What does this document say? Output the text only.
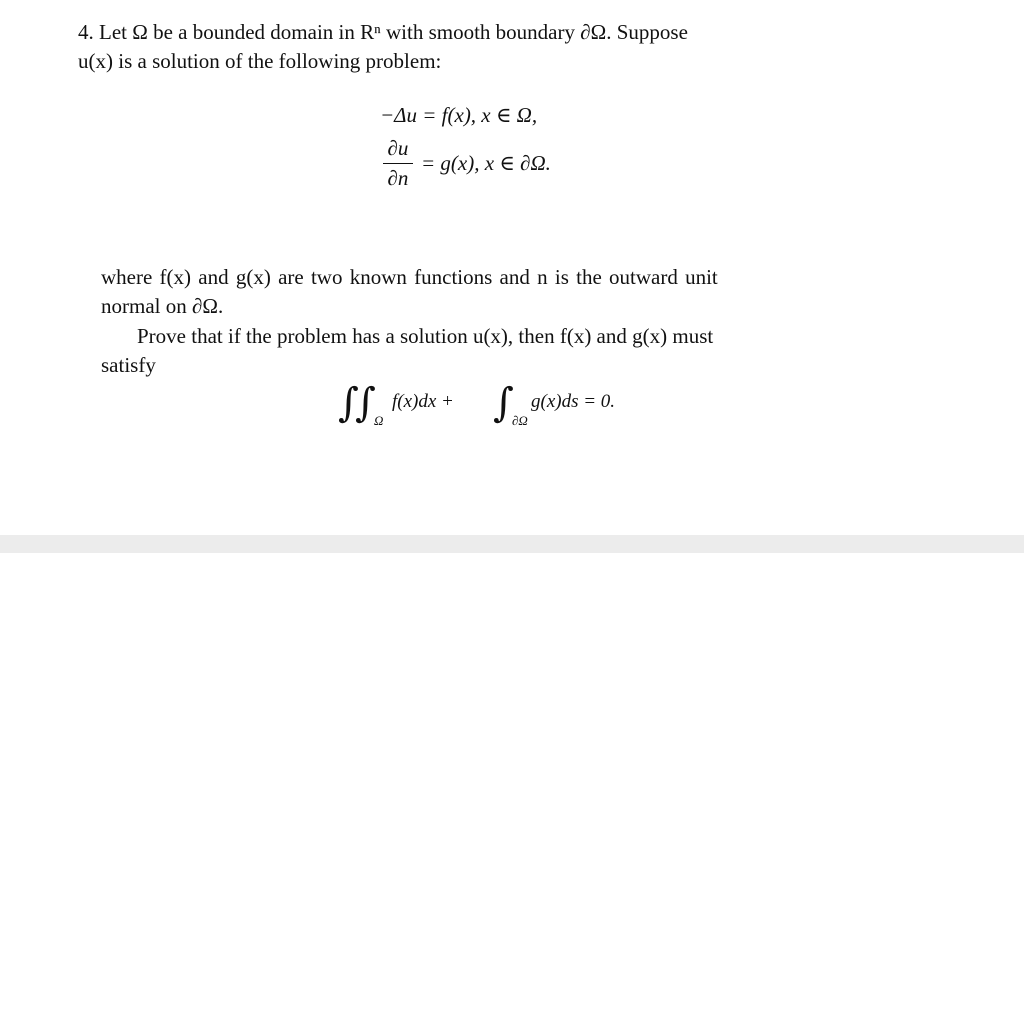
4. Let Ω be a bounded domain in Rⁿ with smooth boundary ∂Ω. Suppose
u(x) is a solution of the following problem:
−Δu = f(x), x ∈ Ω,
∂u
∂n
= g(x), x ∈ ∂Ω.
where f(x) and g(x) are two known functions and n is the outward unit
normal on ∂Ω.
Prove that if the problem has a solution u(x), then f(x) and g(x) must
satisfy
∫
∫
Ω
f(x)dx + ∫
∂Ω
g(x)ds = 0.
